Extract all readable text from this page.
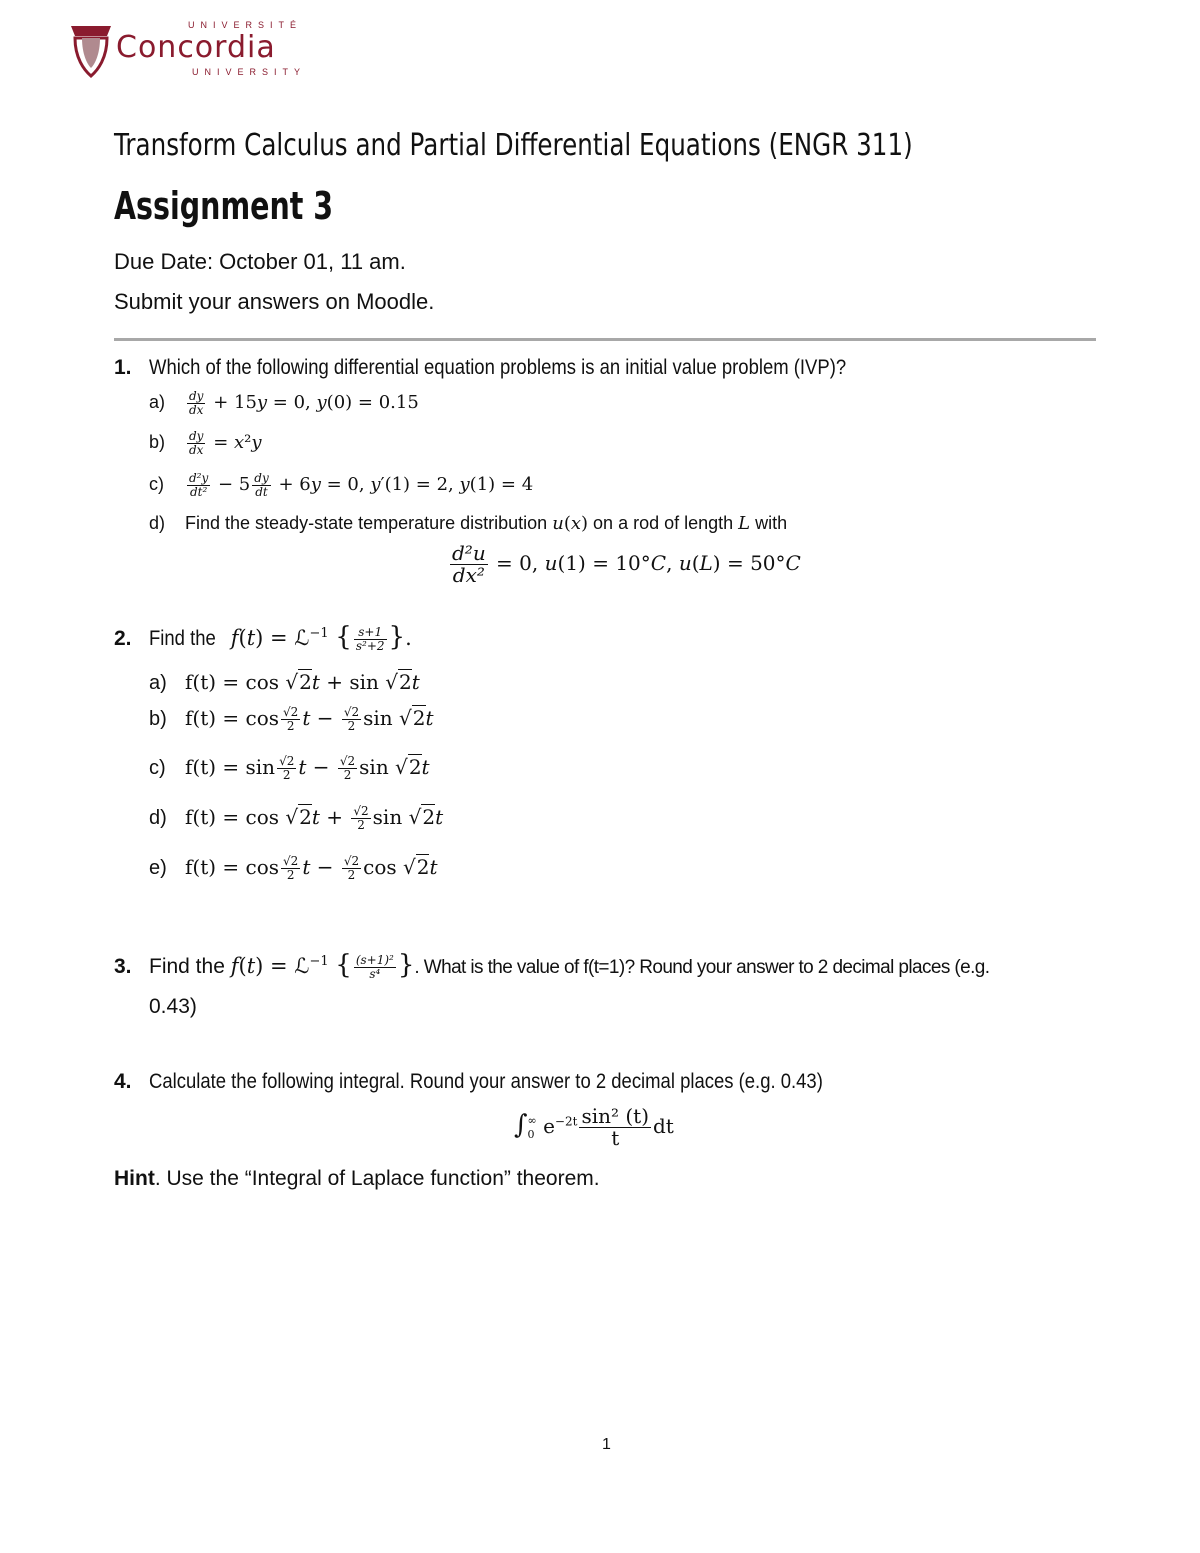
UNIVERSITÉ
Concordia
UNIVERSITY
Transform Calculus and Partial Differential Equations (ENGR 311)
Assignment 3
Due Date: October 01, 11 am.
Submit your answers on Moodle.
1. Which of the following differential equation problems is an initial value problem (IVP)?
$a) \frac{dy}{dx} + 15y = 0$, y(0) = 0.15
$b) \frac{dy}{dx} = x^2y$
$c) \frac{\text{d²y}}{\text{dt²}} - 5 \frac{dy}{dt} + 6y = 0$, y′(1) = 2, y(1) = 4
d) Find the steady-state temperature distribution u(x) on a rod of length L with
$\frac{\text{d²u}}{\text{dx²}} = 0$, u(1) = 10°C, u(L) = 50°C
2. Find the f(t) = ℒ$^{-1}$ { $\frac{s+1}{\text{s²+2}}$ }.
a) f(t) = cos √2t + sin √2t
b) $f(t) = \cos \frac{√2}{2}$ $t - \frac{√2}{2}$ sin √2t
c) $f(t) = \sin \frac{√2}{2}$ $t - \frac{√2}{2}$ sin √2t
d) $f(t) = \cos √2t + \frac{√2}{2}$ sin √2t
e) $f(t) = \cos \frac{√2}{2}$ $t - \frac{√2}{2}$ cos √2t
3. Find the f(t) = ℒ$^{-1}$ { $\frac{\text{(s+1)²}}{\text{s⁴}}$ }. What is the value of f(t=1)? Round your answer to 2 decimal places (e.g.
0.43)
4. Calculate the following integral. Round your answer to 2 decimal places (e.g. 0.43)
∫ ∞
0 $e^{-2t} \frac{\text{sin² (t)}}{t}$ dt
Hint. Use the “Integral of Laplace function” theorem.
1
